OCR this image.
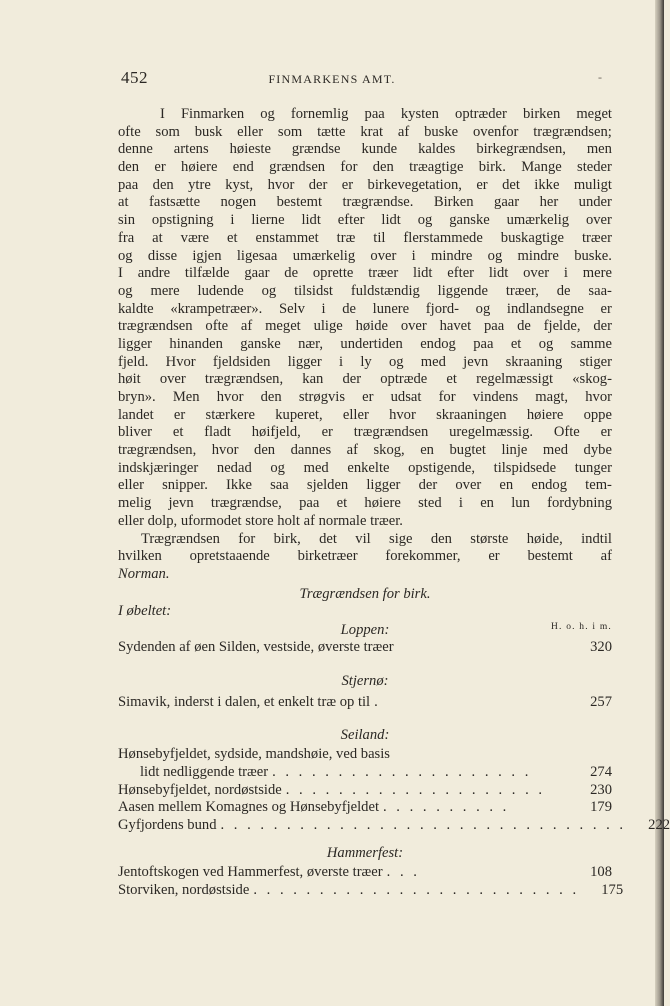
452	FINMARKENS AMT.	-
I Finmarken og fornemlig paa kysten optræder birken meget
ofte som busk eller som tætte krat af buske ovenfor trægrændsen;
denne artens høieste grændse kunde kaldes birkegrændsen, men
den er høiere end grændsen for den træagtige birk. Mange steder
paa den ytre kyst, hvor der er birkevegetation, er det ikke muligt
at fastsætte nogen bestemt trægrændse. Birken gaar her under
sin opstigning i lierne lidt efter lidt og ganske umærkelig over
fra at være et enstammet træ til flerstammede buskagtige træer
og disse igjen ligesaa umærkelig over i mindre og mindre buske.
I andre tilfælde gaar de oprette træer lidt efter lidt over i mere
og mere ludende og tilsidst fuldstændig liggende træer, de saa-
kaldte «krampetræer». Selv i de lunere fjord- og indlandsegne er
trægrændsen ofte af meget ulige høide over havet paa de fjelde, der
ligger hinanden ganske nær, undertiden endog paa et og samme
fjeld. Hvor fjeldsiden ligger i ly og med jevn skraaning stiger
høit over trægrændsen, kan der optræde et regelmæssigt «skog-
bryn». Men hvor den strøgvis er udsat for vindens magt, hvor
landet er stærkere kuperet, eller hvor skraaningen høiere oppe
bliver et fladt høifjeld, er trægrændsen uregelmæssig. Ofte er
trægrændsen, hvor den dannes af skog, en bugtet linje med dybe
indskjæringer nedad og med enkelte opstigende, tilspidsede tunger
eller snipper. Ikke saa sjelden ligger der over en endog tem-
melig jevn trægrændse, paa et høiere sted i en lun fordybning
eller dolp, uformodet store holt af normale træer.
Trægrændsen for birk, det vil sige den største høide, indtil
hvilken opretstaaende birketræer forekommer, er bestemt af
Norman.
Trægrændsen for birk.
I øbeltet:
Loppen:	H. o. h. i m.
Sydenden af øen Silden, vestside, øverste træer	320
Stjernø:
Simavik, inderst i dalen, et enkelt træ op til .	257
Seiland:
Hønsebyfjeldet, sydside, mandshøie, ved basis
lidt nedliggende træer . . . . . . . . . . . . . . . . . . . .	274
Hønsebyfjeldet, nordøstside . . . . . . . . . . . . . . . . . . . .	230
Aasen mellem Komagnes og Hønsebyfjeldet . . . . . . . . . .	179
Gyfjordens bund . . . . . . . . . . . . . . . . . . . . . . . . . . . . . . .	222
Hammerfest:
Jentoftskogen ved Hammerfest, øverste træer . . .	108
Storviken, nordøstside . . . . . . . . . . . . . . . . . . . . . . . . .	175
